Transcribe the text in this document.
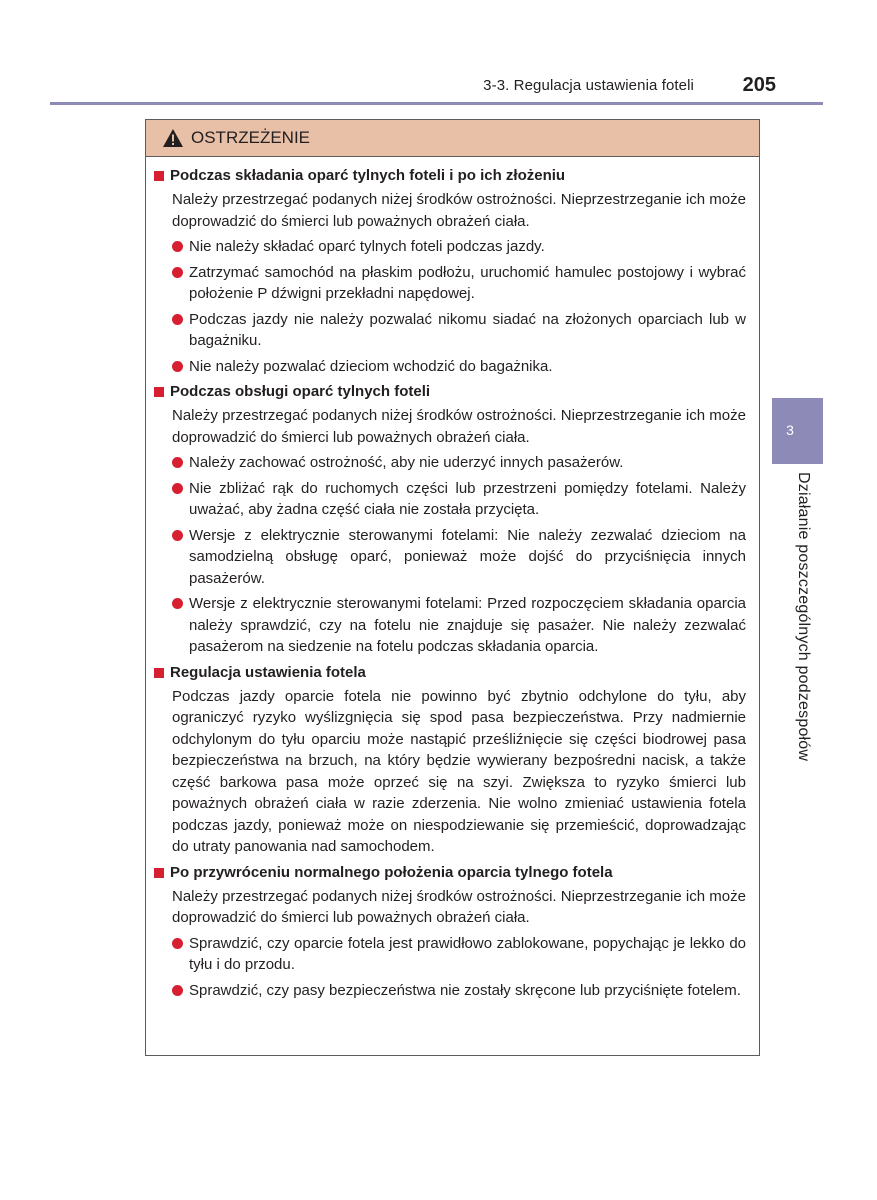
3-3. Regulacja ustawienia foteli	205
3
Działanie poszczególnych podzespołów
OSTRZEŻENIE
Podczas składania oparć tylnych foteli i po ich złożeniu
Należy przestrzegać podanych niżej środków ostrożności. Nieprzestrzeganie ich może doprowadzić do śmierci lub poważnych obrażeń ciała.
Nie należy składać oparć tylnych foteli podczas jazdy.
Zatrzymać samochód na płaskim podłożu, uruchomić hamulec postojowy i wybrać położenie P dźwigni przekładni napędowej.
Podczas jazdy nie należy pozwalać nikomu siadać na złożonych oparciach lub w bagażniku.
Nie należy pozwalać dzieciom wchodzić do bagażnika.
Podczas obsługi oparć tylnych foteli
Należy przestrzegać podanych niżej środków ostrożności. Nieprzestrzeganie ich może doprowadzić do śmierci lub poważnych obrażeń ciała.
Należy zachować ostrożność, aby nie uderzyć innych pasażerów.
Nie zbliżać rąk do ruchomych części lub przestrzeni pomiędzy fotelami. Należy uważać, aby żadna część ciała nie została przycięta.
Wersje z elektrycznie sterowanymi fotelami: Nie należy zezwalać dzieciom na samodzielną obsługę oparć, ponieważ może dojść do przyciśnięcia innych pasażerów.
Wersje z elektrycznie sterowanymi fotelami: Przed rozpoczęciem składania oparcia należy sprawdzić, czy na fotelu nie znajduje się pasażer. Nie należy zezwalać pasażerom na siedzenie na fotelu podczas składania oparcia.
Regulacja ustawienia fotela
Podczas jazdy oparcie fotela nie powinno być zbytnio odchylone do tyłu, aby ograniczyć ryzyko wyślizgnięcia się spod pasa bezpieczeństwa. Przy nadmiernie odchylonym do tyłu oparciu może nastąpić prześliźnięcie się części biodrowej pasa bezpieczeństwa na brzuch, na który będzie wywierany bezpośredni nacisk, a także część barkowa pasa może oprzeć się na szyi. Zwiększa to ryzyko śmierci lub poważnych obrażeń ciała w razie zderzenia. Nie wolno zmieniać ustawienia fotela podczas jazdy, ponieważ może on niespodziewanie się przemieścić, doprowadzając do utraty panowania nad samochodem.
Po przywróceniu normalnego położenia oparcia tylnego fotela
Należy przestrzegać podanych niżej środków ostrożności. Nieprzestrzeganie ich może doprowadzić do śmierci lub poważnych obrażeń ciała.
Sprawdzić, czy oparcie fotela jest prawidłowo zablokowane, popychając je lekko do tyłu i do przodu.
Sprawdzić, czy pasy bezpieczeństwa nie zostały skręcone lub przyciśnięte fotelem.
